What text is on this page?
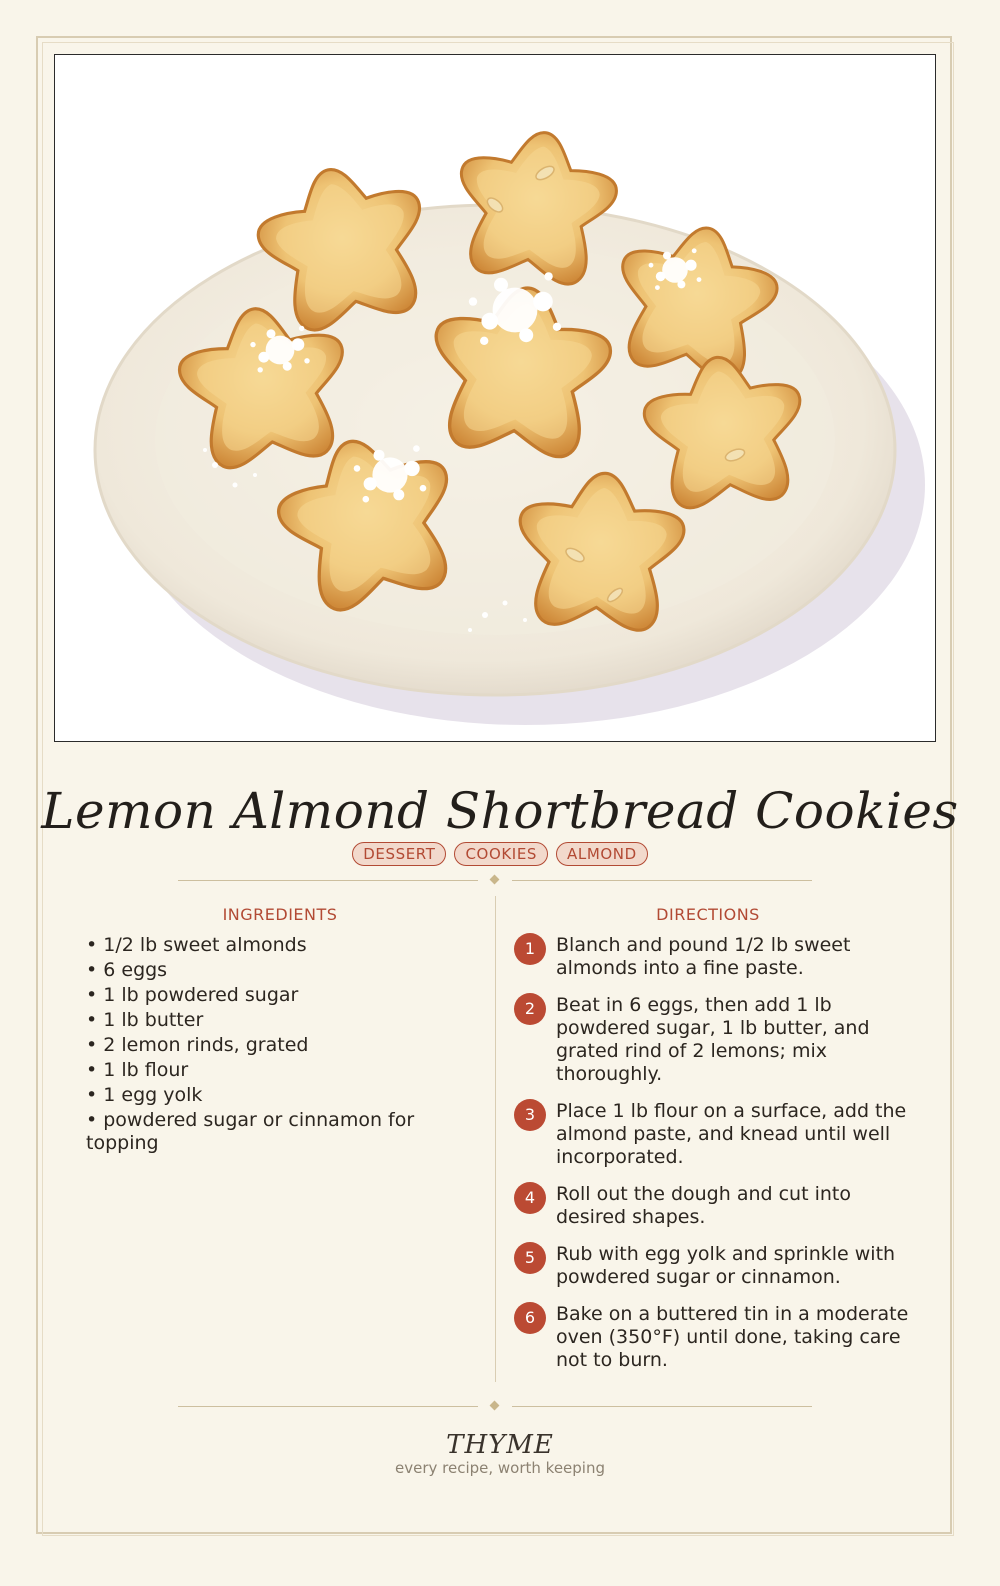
Lemon Almond Shortbread Cookies
DESSERT	COOKIES	ALMOND
INGREDIENTS
• 1/2 lb sweet almonds
• 6 eggs
• 1 lb powdered sugar
• 1 lb butter
• 2 lemon rinds, grated
• 1 lb flour
• 1 egg yolk
• powdered sugar or cinnamon for topping
DIRECTIONS
1	Blanch and pound 1/2 lb sweet almonds into a fine paste.
2	Beat in 6 eggs, then add 1 lb powdered sugar, 1 lb butter, and grated rind of 2 lemons; mix thoroughly.
3	Place 1 lb flour on a surface, add the almond paste, and knead until well incorporated.
4	Roll out the dough and cut into desired shapes.
5	Rub with egg yolk and sprinkle with powdered sugar or cinnamon.
6	Bake on a buttered tin in a moderate oven (350°F) until done, taking care not to burn.
THYME
every recipe, worth keeping
